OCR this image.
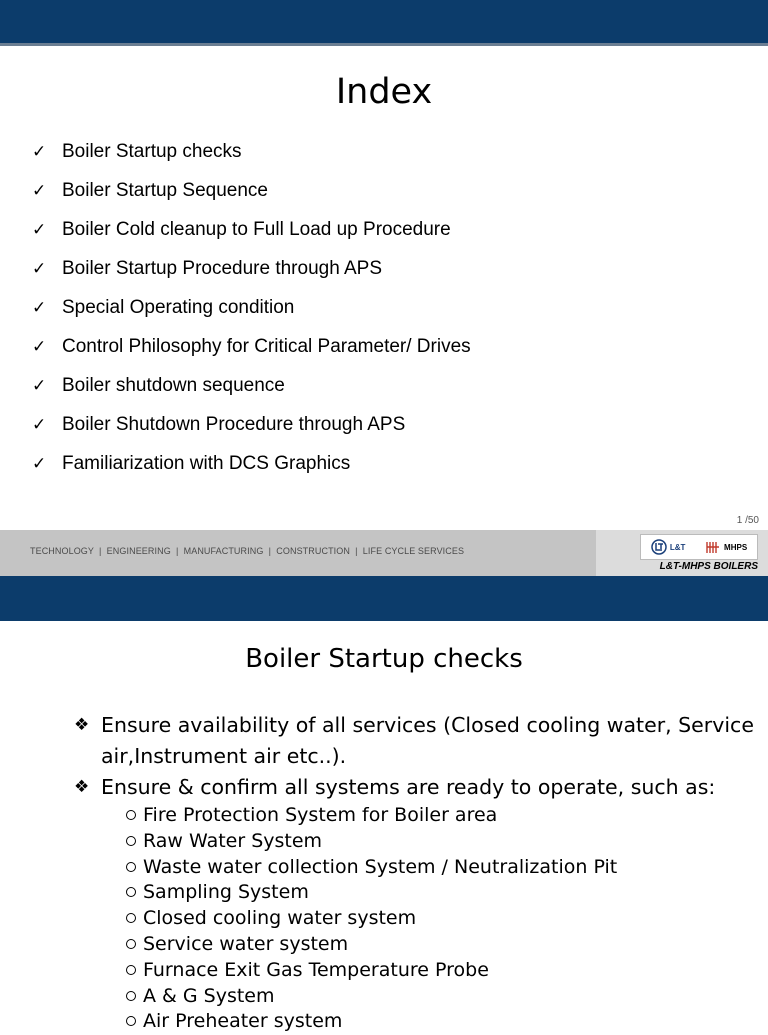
Index
✓ Boiler Startup checks
✓ Boiler Startup Sequence
✓ Boiler Cold cleanup to Full Load up Procedure
✓ Boiler Startup Procedure through APS
✓ Special Operating condition
✓ Control Philosophy for Critical Parameter/ Drives
✓ Boiler shutdown sequence
✓ Boiler Shutdown Procedure through APS
✓ Familiarization with DCS Graphics
1 /50
TECHNOLOGY  |  ENGINEERING  |  MANUFACTURING  |  CONSTRUCTION  |  LIFE CYCLE SERVICES	L&T	MHPS
L&T-MHPS BOILERS
Boiler Startup checks
❖ Ensure availability of all services (Closed cooling water, Service air,Instrument air etc..).
❖ Ensure & confirm all systems are ready to operate, such as:
Fire Protection System for Boiler area
Raw Water System
Waste water collection System / Neutralization Pit
Sampling System
Closed cooling water system
Service water system
Furnace Exit Gas Temperature Probe
A & G System
Air Preheater system
